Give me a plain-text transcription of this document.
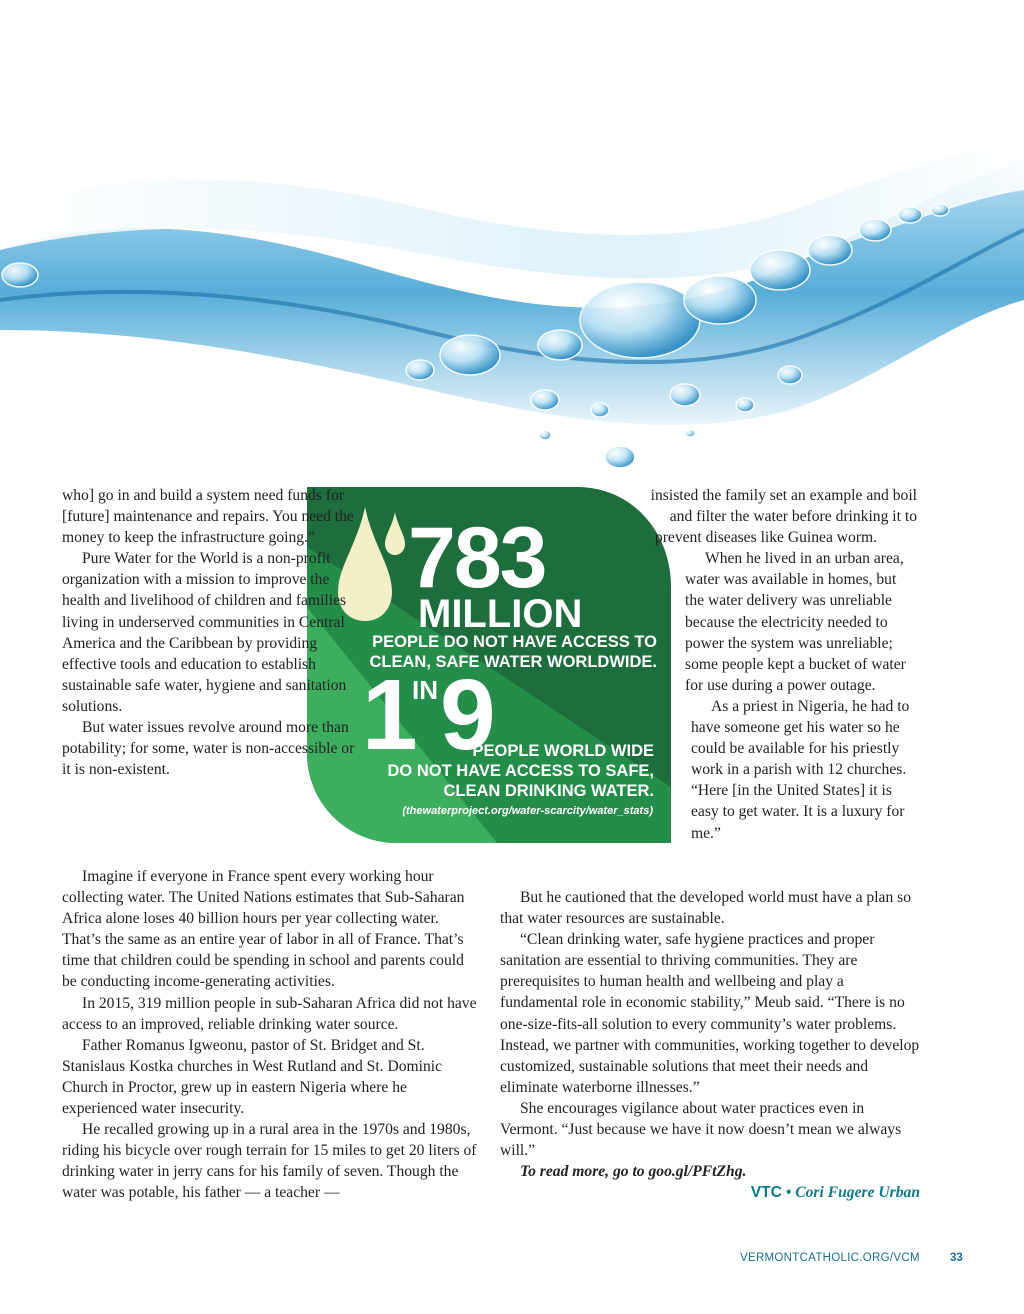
783
MILLION
PEOPLE DO NOT HAVE ACCESS TO
CLEAN, SAFE WATER WORLDWIDE.
1
IN 9
PEOPLE WORLD WIDE
DO NOT HAVE ACCESS TO SAFE,
CLEAN DRINKING WATER.
(thewaterproject.org/water-scarcity/water_stats)

who] go in and build a system need funds for [future] maintenance and repairs. You need the money to keep the infrastructure going.”

Pure Water for the World is a non-profit organization with a mission to improve the health and livelihood of children and families living in underserved communities in Central America and the Caribbean by providing effective tools and education to establish sustainable safe water, hygiene and sanitation solutions.

But water issues revolve around more than potability; for some, water is non-accessible or it is non-existent.

insisted the family set an example and boil

and filter the water before drinking it to

prevent diseases like Guinea worm.

When he lived in an urban area, water was available in homes, but the water delivery was unreliable because the electricity needed to power the system was unreliable; some people kept a bucket of water for use during a power outage.

As a priest in Nigeria, he had to have someone get his water so he could be available for his priestly work in a parish with 12 churches. “Here [in the United States] it is easy to get water. It is a luxury for me.”

Imagine if everyone in France spent every working hour collecting water. The United Nations estimates that Sub-Saharan Africa alone loses 40 billion hours per year collecting water. That’s the same as an entire year of labor in all of France. That’s time that children could be spending in school and parents could be conducting income-generating activities.

In 2015, 319 million people in sub-Saharan Africa did not have access to an improved, reliable drinking water source.

Father Romanus Igweonu, pastor of St. Bridget and St. Stanislaus Kostka churches in West Rutland and St. Dominic Church in Proctor, grew up in eastern Nigeria where he experienced water insecurity.

He recalled growing up in a rural area in the 1970s and 1980s, riding his bicycle over rough terrain for 15 miles to get 20 liters of drinking water in jerry cans for his family of seven. Though the water was potable, his father — a teacher —

But he cautioned that the developed world must have a plan so that water resources are sustainable.

“Clean drinking water, safe hygiene practices and proper sanitation are essential to thriving communities. They are prerequisites to human health and wellbeing and play a fundamental role in economic stability,” Meub said. “There is no one-size-fits-all solution to every community’s water problems. Instead, we partner with communities, working together to develop customized, sustainable solutions that meet their needs and eliminate waterborne illnesses.”

She encourages vigilance about water practices even in Vermont. “Just because we have it now doesn’t mean we always will.”

To read more, go to goo.gl/PFtZhg.

VTC • Cori Fugere Urban

VERMONTCATHOLIC.ORG/VCM	33
